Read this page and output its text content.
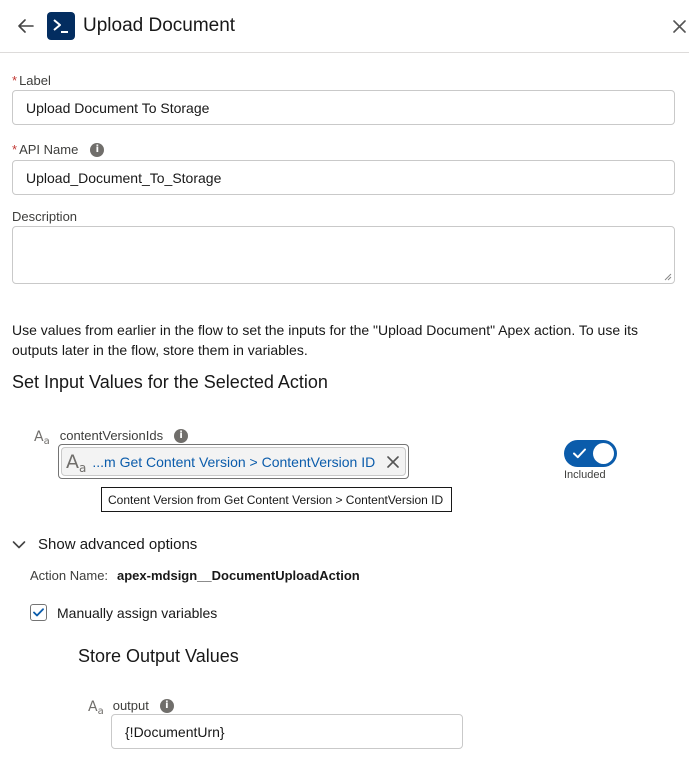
Upload Document
* Label
Upload Document To Storage
* API Name	i
Upload_Document_To_Storage
Description
Use values from earlier in the flow to set the inputs for the "Upload Document" Apex action. To use its outputs later in the flow, store them in variables.
Set Input Values for the Selected Action
Aa contentVersionIds	i
$A_a$ ...m Get Content Version > ContentVersion ID
Included
Content Version from Get Content Version > ContentVersion ID
Show advanced options
Action Name: apex-mdsign__DocumentUploadAction
Manually assign variables
Store Output Values
Aa output	i
{!DocumentUrn}
